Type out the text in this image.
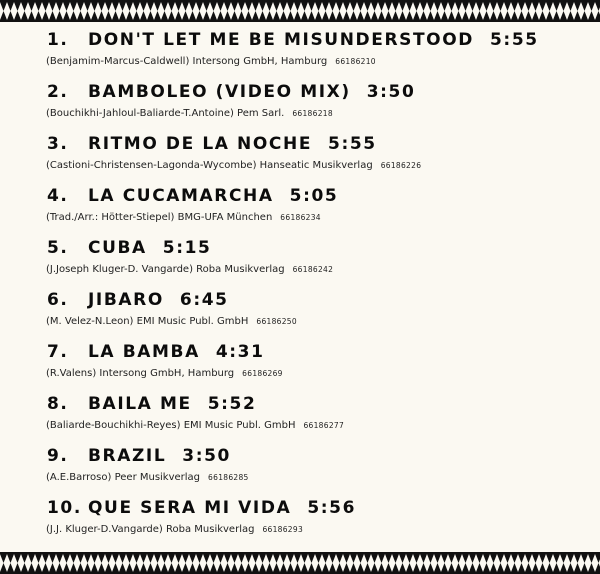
1. DON'T LET ME BE MISUNDERSTOOD 5:55
(Benjamim-Marcus-Caldwell) Intersong GmbH, Hamburg 66186210
2. BAMBOLEO (VIDEO MIX) 3:50
(Bouchikhi-Jahloul-Baliarde-T.Antoine) Pem Sarl. 66186218
3. RITMO DE LA NOCHE 5:55
(Castioni-Christensen-Lagonda-Wycombe) Hanseatic Musikverlag 66186226
4. LA CUCAMARCHA 5:05
(Trad./Arr.: Hötter-Stiepel) BMG-UFA München 66186234
5. CUBA 5:15
(J.Joseph Kluger-D. Vangarde) Roba Musikverlag 66186242
6. JIBARO 6:45
(M. Velez-N.Leon) EMI Music Publ. GmbH 66186250
7. LA BAMBA 4:31
(R.Valens) Intersong GmbH, Hamburg 66186269
8. BAILA ME 5:52
(Baliarde-Bouchikhi-Reyes) EMI Music Publ. GmbH 66186277
9. BRAZIL 3:50
(A.E.Barroso) Peer Musikverlag 66186285
10. QUE SERA MI VIDA 5:56
(J.J. Kluger-D.Vangarde) Roba Musikverlag 66186293
